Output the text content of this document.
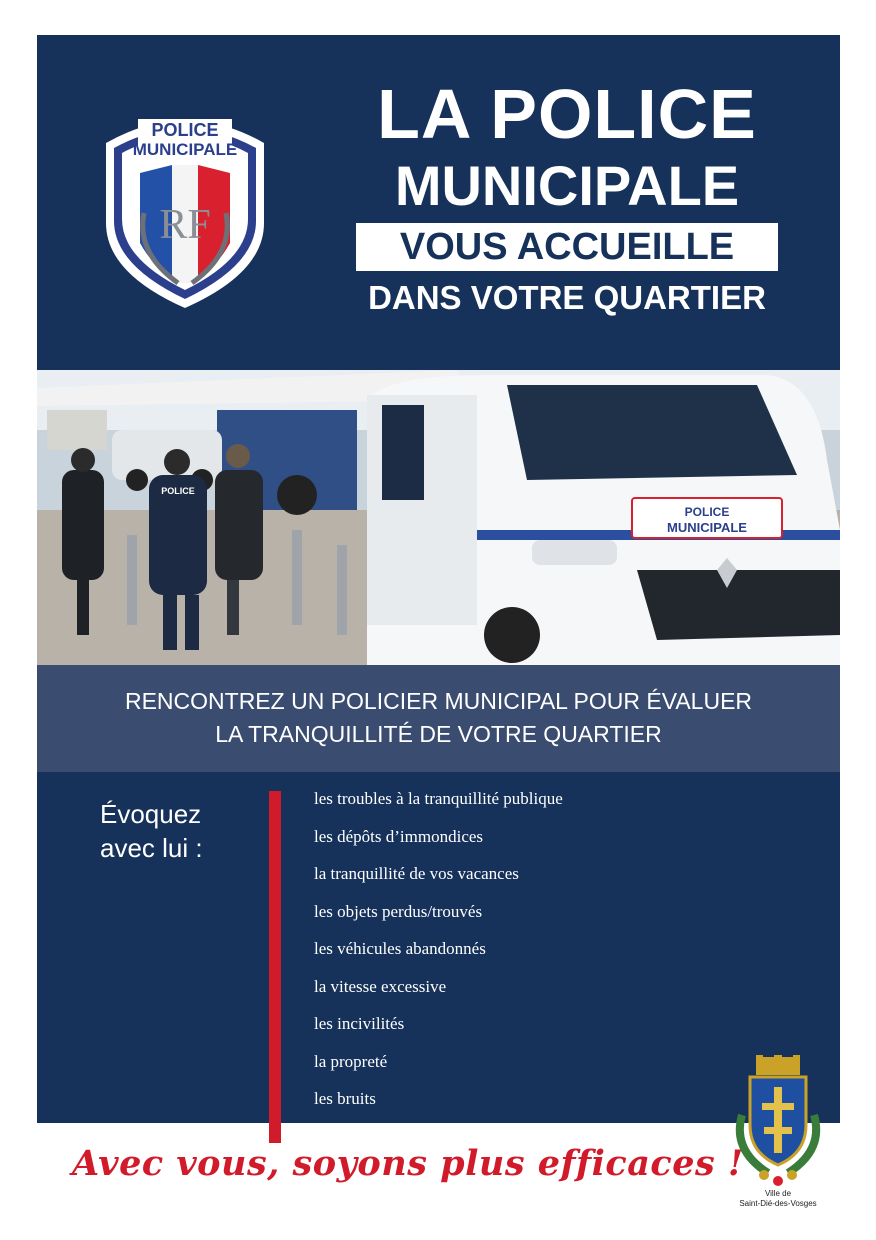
POLICE
MUNICIPALE
RF
LA POLICE
MUNICIPALE
VOUS ACCUEILLE
DANS VOTRE QUARTIER
POLICE
POLICE
MUNICIPALE
RENCONTREZ UN POLICIER MUNICIPAL POUR ÉVALUER
LA TRANQUILLITÉ DE VOTRE QUARTIER
Évoquez
avec lui :
les troubles à la tranquillité publique
les dépôts d’immondices
la tranquillité de vos vacances
les objets perdus/trouvés
les véhicules abandonnés
la vitesse excessive
les incivilités
la propreté
les bruits
Avec vous, soyons plus efficaces !
Ville de
Saint-Dié-des-Vosges
